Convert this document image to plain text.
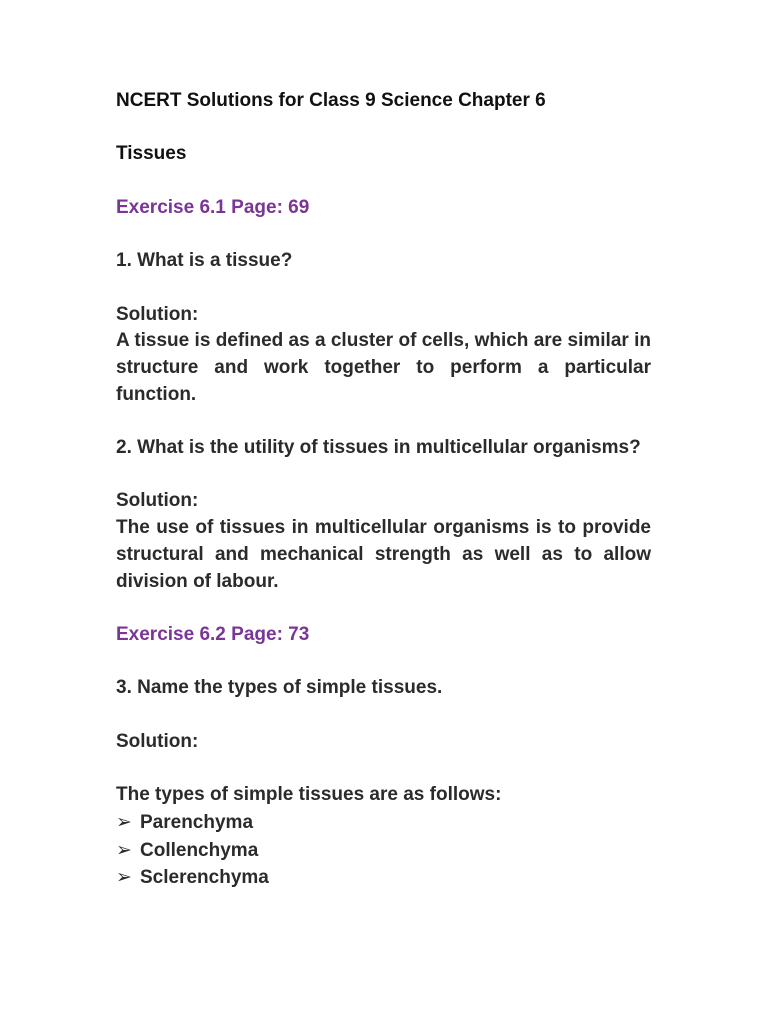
NCERT Solutions for Class 9 Science Chapter 6

Tissues

Exercise 6.1 Page: 69

1. What is a tissue?

Solution:

A tissue is defined as a cluster of cells, which are similar in structure and work together to perform a particular function.

2. What is the utility of tissues in multicellular organisms?

Solution:

The use of tissues in multicellular organisms is to provide structural and mechanical strength as well as to allow division of labour.

Exercise 6.2 Page: 73

3. Name the types of simple tissues.

Solution:

The types of simple tissues are as follows:

➢ Parenchyma

➢ Collenchyma

➢ Sclerenchyma
